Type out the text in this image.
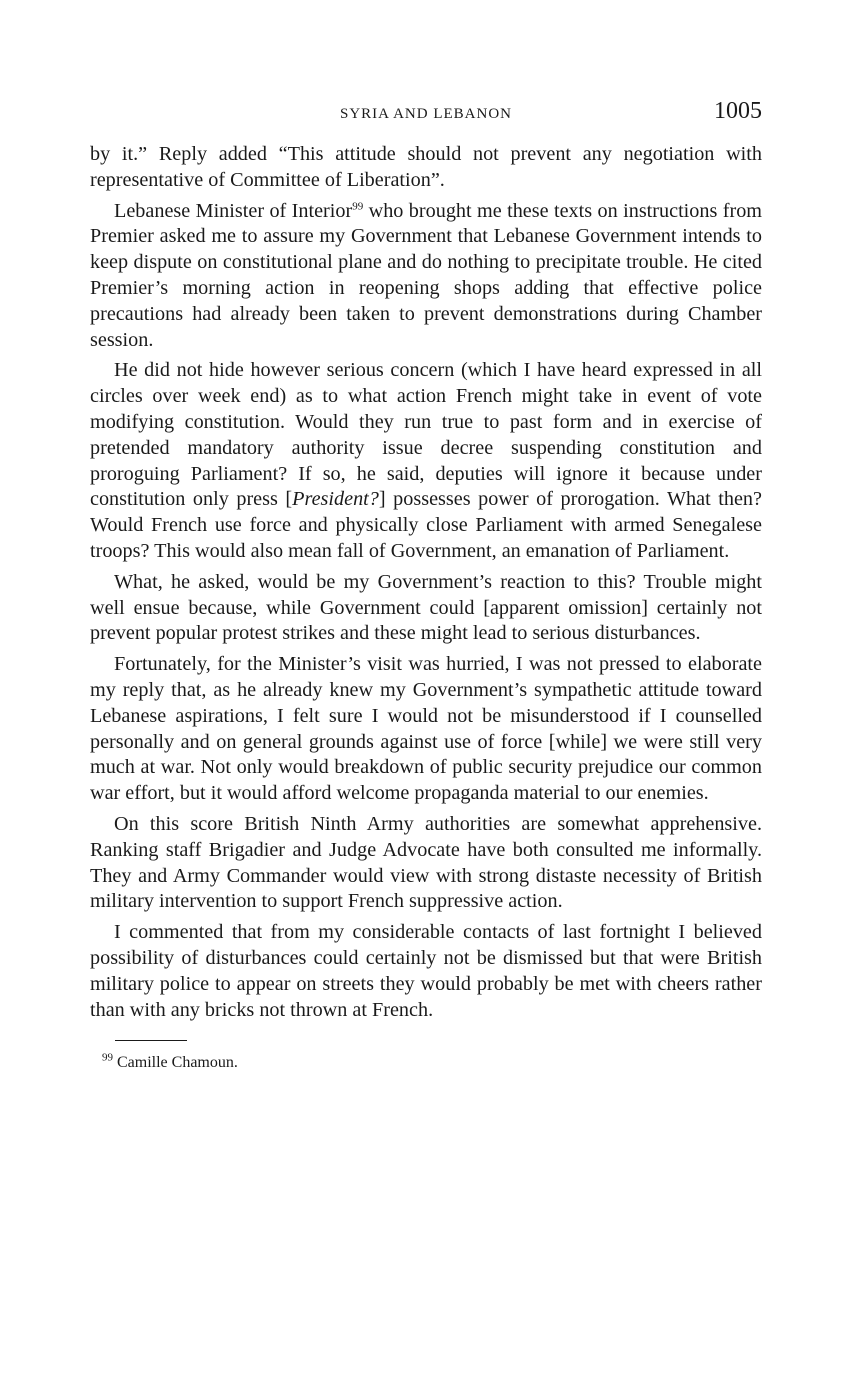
SYRIA AND LEBANON	1005

by it.” Reply added “This attitude should not prevent any negotiation with representative of Committee of Liberation”.

Lebanese Minister of Interior$^{99}$ who brought me these texts on instructions from Premier asked me to assure my Government that Lebanese Government intends to keep dispute on constitutional plane and do nothing to precipitate trouble. He cited Premier’s morning action in reopening shops adding that effective police precautions had already been taken to prevent demonstrations during Chamber session.

He did not hide however serious concern (which I have heard expressed in all circles over week end) as to what action French might take in event of vote modifying constitution. Would they run true to past form and in exercise of pretended mandatory authority issue decree suspending constitution and proroguing Parliament? If so, he said, deputies will ignore it because under constitution only press [President?] possesses power of prorogation. What then? Would French use force and physically close Parliament with armed Senegalese troops? This would also mean fall of Government, an emanation of Parliament.

What, he asked, would be my Government’s reaction to this? Trouble might well ensue because, while Government could [apparent omission] certainly not prevent popular protest strikes and these might lead to serious disturbances.

Fortunately, for the Minister’s visit was hurried, I was not pressed to elaborate my reply that, as he already knew my Government’s sympathetic attitude toward Lebanese aspirations, I felt sure I would not be misunderstood if I counselled personally and on general grounds against use of force [while] we were still very much at war. Not only would breakdown of public security prejudice our common war effort, but it would afford welcome propaganda material to our enemies.

On this score British Ninth Army authorities are somewhat apprehensive. Ranking staff Brigadier and Judge Advocate have both consulted me informally. They and Army Commander would view with strong distaste necessity of British military intervention to support French suppressive action.

I commented that from my considerable contacts of last fortnight I believed possibility of disturbances could certainly not be dismissed but that were British military police to appear on streets they would probably be met with cheers rather than with any bricks not thrown at French.

$^{99}$ Camille Chamoun.
